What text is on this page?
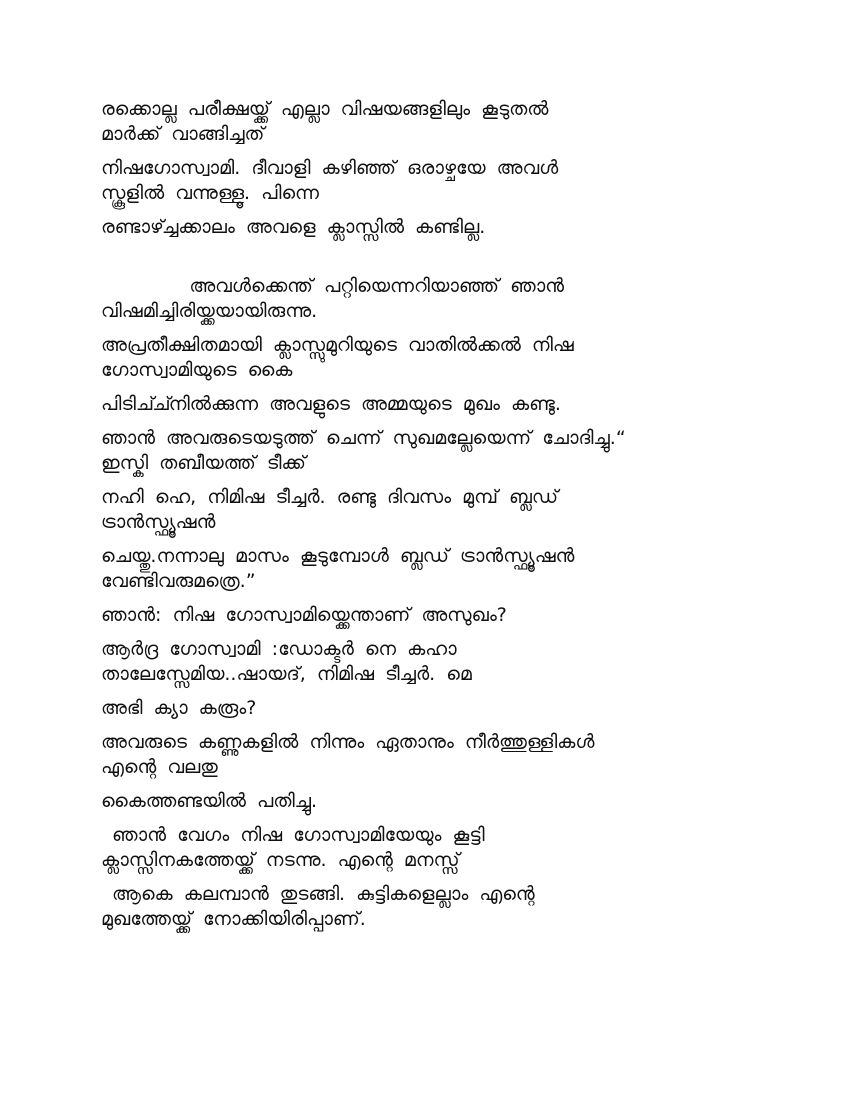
രക്കൊല്ല പരീക്ഷയ്ക്ക് എല്ലാ വിഷയങ്ങളിലും കൂടുതൽ
മാർക്ക് വാങ്ങിച്ചത്

നിഷഗോസ്വാമി. ദീവാളി കഴിഞ്ഞ് ഒരാഴ്ചയേ അവൾ
സ്കൂളിൽ വന്നുള്ളൂ. പിന്നെ

രണ്ടാഴ്ച്ചക്കാലം അവളെ ക്ലാസ്സിൽ കണ്ടില്ല.

അവൾക്കെന്ത് പറ്റിയെന്നറിയാഞ്ഞ് ഞാൻ
വിഷമിച്ചിരിയ്ക്കയായിരുന്നു.

അപ്രതീക്ഷിതമായി ക്ലാസ്സുമുറിയുടെ വാതിൽക്കൽ നിഷ
ഗോസ്വാമിയുടെ കൈ

പിടിച്ച്നിൽക്കുന്ന അവളുടെ അമ്മയുടെ മുഖം കണ്ടു.

ഞാൻ അവരുടെയടുത്ത് ചെന്ന് സുഖമല്ലേയെന്ന് ചോദിച്ചു.“
ഇസ്കി തബീയത്ത് ടീക്ക്

നഹി ഹെ, നിമിഷ ടീച്ചർ. രണ്ടു ദിവസം മുമ്പ് ബ്ലഡ്
ട്രാൻസ്ഫ്യൂഷൻ

ചെയ്തു.നന്നാലു മാസം കൂടുമ്പോൾ ബ്ലഡ് ട്രാൻസ്ഫ്യൂഷൻ
വേണ്ടിവരുമത്രെ.”

ഞാൻ: നിഷ ഗോസ്വാമിയ്ക്കെന്താണ് അസുഖം?

ആർദ്ര ഗോസ്വാമി :ഡോക്ടർ നെ കഹാ
താലേസ്സേമിയ..ഷായദ്, നിമിഷ ടീച്ചർ. മെ

അഭി ക്യാ കരൂം?

അവരുടെ കണ്ണുകളിൽ നിന്നും ഏതാനും നീർത്തുള്ളികൾ
എന്റെ വലതു

കൈത്തണ്ടയിൽ പതിച്ചു.

ഞാൻ വേഗം നിഷ ഗോസ്വാമിയേയും കൂട്ടി
ക്ലാസ്സിനകത്തേയ്ക്ക് നടന്നു. എന്റെ മനസ്സ്

ആകെ കലമ്പാൻ തുടങ്ങി. കുട്ടികളെല്ലാം എന്റെ
മുഖത്തേയ്ക്ക് നോക്കിയിരിപ്പാണ്.
